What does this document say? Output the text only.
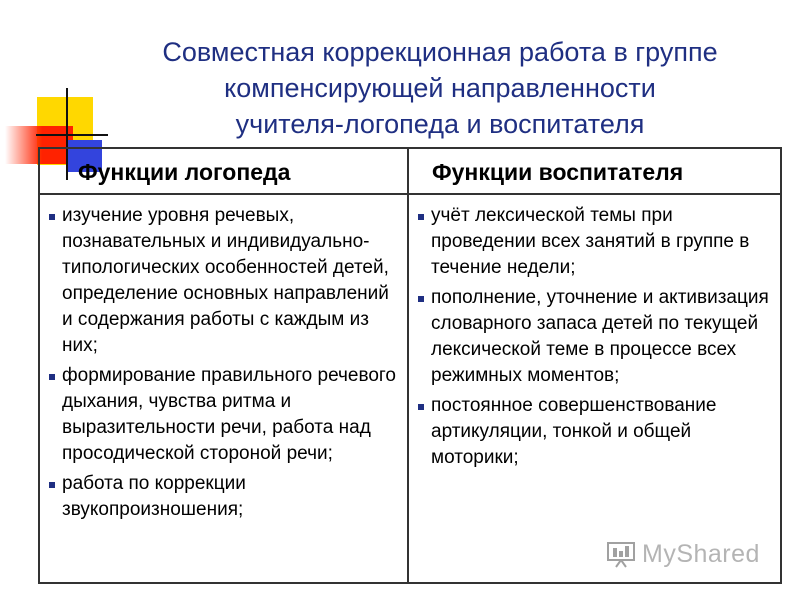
Совместная коррекционная работа в группе
компенсирующей направленности
учителя-логопеда и воспитателя
Функции логопеда	Функции воспитателя
изучение уровня речевых, познавательных и индивидуально-типологических особенностей детей, определение основных направлений и содержания работы с каждым из них;
формирование правильного речевого дыхания, чувства ритма и выразительности речи, работа над просодической стороной речи;
работа по коррекции звукопроизношения;
учёт лексической темы при проведении всех занятий в группе в течение недели;
пополнение, уточнение и активизация словарного запаса детей по текущей лексической теме в процессе всех режимных моментов;
постоянное совершенствование артикуляции, тонкой и общей моторики;
MyShared
